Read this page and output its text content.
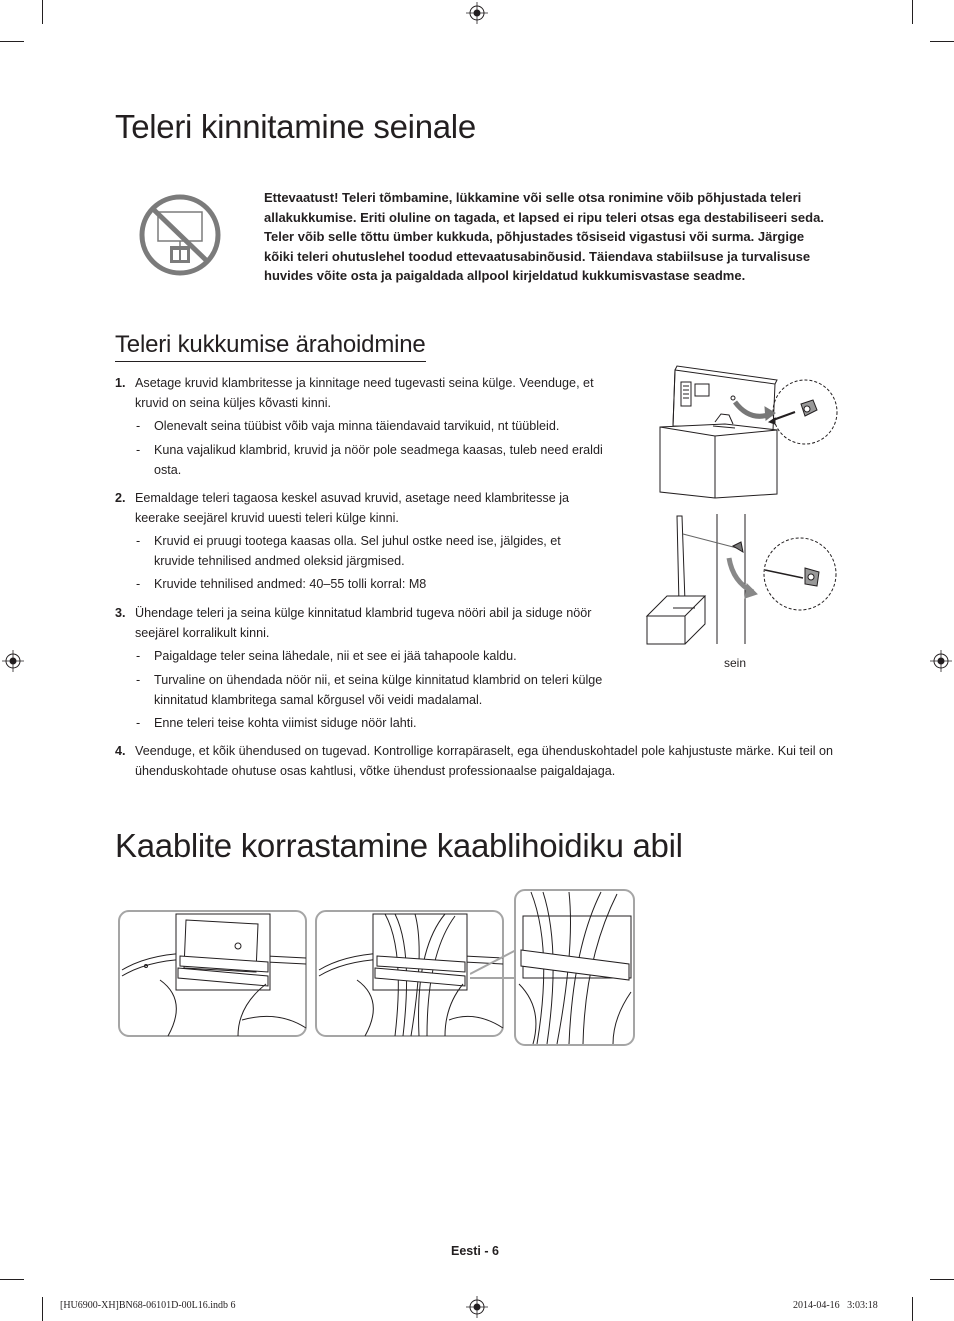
Teleri kinnitamine seinale
Ettevaatust! Teleri tõmbamine, lükkamine või selle otsa ronimine võib põhjustada teleri allakukkumise. Eriti oluline on tagada, et lapsed ei ripu teleri otsas ega destabiliseeri seda. Teler võib selle tõttu ümber kukkuda, põhjustades tõsiseid vigastusi või surma. Järgige kõiki teleri ohutuslehel toodud ettevaatusabinõusid. Täiendava stabiilsuse ja turvalisuse huvides võite osta ja paigaldada allpool kirjeldatud kukkumisvastase seadme.
Teleri kukkumise ärahoidmine
1. Asetage kruvid klambritesse ja kinnitage need tugevasti seina külge. Veenduge, et kruvid on seina küljes kõvasti kinni.
- Olenevalt seina tüübist võib vaja minna täiendavaid tarvikuid, nt tüübleid.
- Kuna vajalikud klambrid, kruvid ja nöör pole seadmega kaasas, tuleb need eraldi osta.
2. Eemaldage teleri tagaosa keskel asuvad kruvid, asetage need klambritesse ja keerake seejärel kruvid uuesti teleri külge kinni.
- Kruvid ei pruugi tootega kaasas olla. Sel juhul ostke need ise, jälgides, et kruvide tehnilised andmed oleksid järgmised.
- Kruvide tehnilised andmed: 40–55 tolli korral: M8
3. Ühendage teleri ja seina külge kinnitatud klambrid tugeva nööri abil ja siduge nöör seejärel korralikult kinni.
- Paigaldage teler seina lähedale, nii et see ei jää tahapoole kaldu.
- Turvaline on ühendada nöör nii, et seina külge kinnitatud klambrid on teleri külge kinnitatud klambritega samal kõrgusel või veidi madalamal.
- Enne teleri teise kohta viimist siduge nöör lahti.
4. Veenduge, et kõik ühendused on tugevad. Kontrollige korrapäraselt, ega ühenduskohtadel pole kahjustuste märke. Kui teil on ühenduskohtade ohutuse osas kahtlusi, võtke ühendust professionaalse paigaldajaga.
sein
Kaablite korrastamine kaablihoidiku abil
Eesti - 6
[HU6900-XH]BN68-06101D-00L16.indb 6	2014-04-16   3:03:18
